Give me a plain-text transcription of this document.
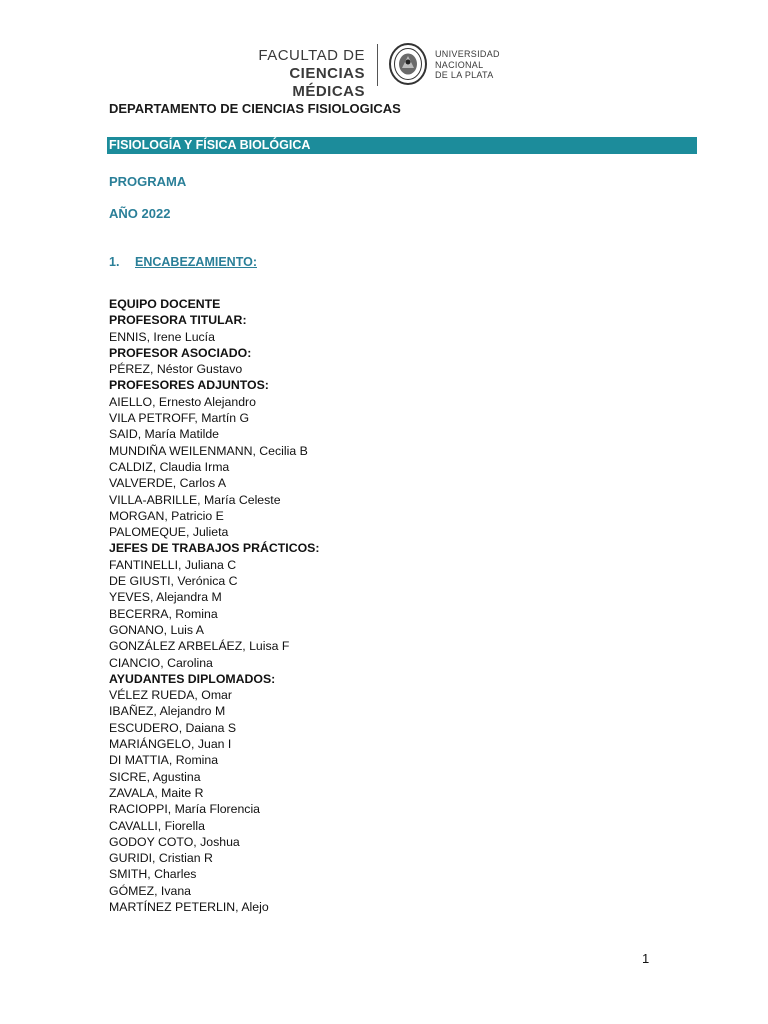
FACULTAD DE
CIENCIAS MÉDICAS
UNIVERSIDAD
NACIONAL
DE LA PLATA
DEPARTAMENTO DE CIENCIAS FISIOLOGICAS
FISIOLOGÍA Y FÍSICA BIOLÓGICA
PROGRAMA
AÑO 2022
1. ENCABEZAMIENTO:
EQUIPO DOCENTE
PROFESORA TITULAR:
ENNIS, Irene Lucía
PROFESOR ASOCIADO:
PÉREZ, Néstor Gustavo
PROFESORES ADJUNTOS:
AIELLO, Ernesto Alejandro
VILA PETROFF, Martín G
SAID, María Matilde
MUNDIÑA WEILENMANN, Cecilia B
CALDIZ, Claudia Irma
VALVERDE, Carlos A
VILLA-ABRILLE, María Celeste
MORGAN, Patricio E
PALOMEQUE, Julieta
JEFES DE TRABAJOS PRÁCTICOS:
FANTINELLI, Juliana C
DE GIUSTI, Verónica C
YEVES, Alejandra M
BECERRA, Romina
GONANO, Luis A
GONZÁLEZ ARBELÁEZ, Luisa F
CIANCIO, Carolina
AYUDANTES DIPLOMADOS:
VÉLEZ RUEDA, Omar
IBAÑEZ, Alejandro M
ESCUDERO, Daiana S
MARIÁNGELO, Juan I
DI MATTIA, Romina
SICRE, Agustina
ZAVALA, Maite R
RACIOPPI, María Florencia
CAVALLI, Fiorella
GODOY COTO, Joshua
GURIDI, Cristian R
SMITH, Charles
GÓMEZ, Ivana
MARTÍNEZ PETERLIN, Alejo
1
